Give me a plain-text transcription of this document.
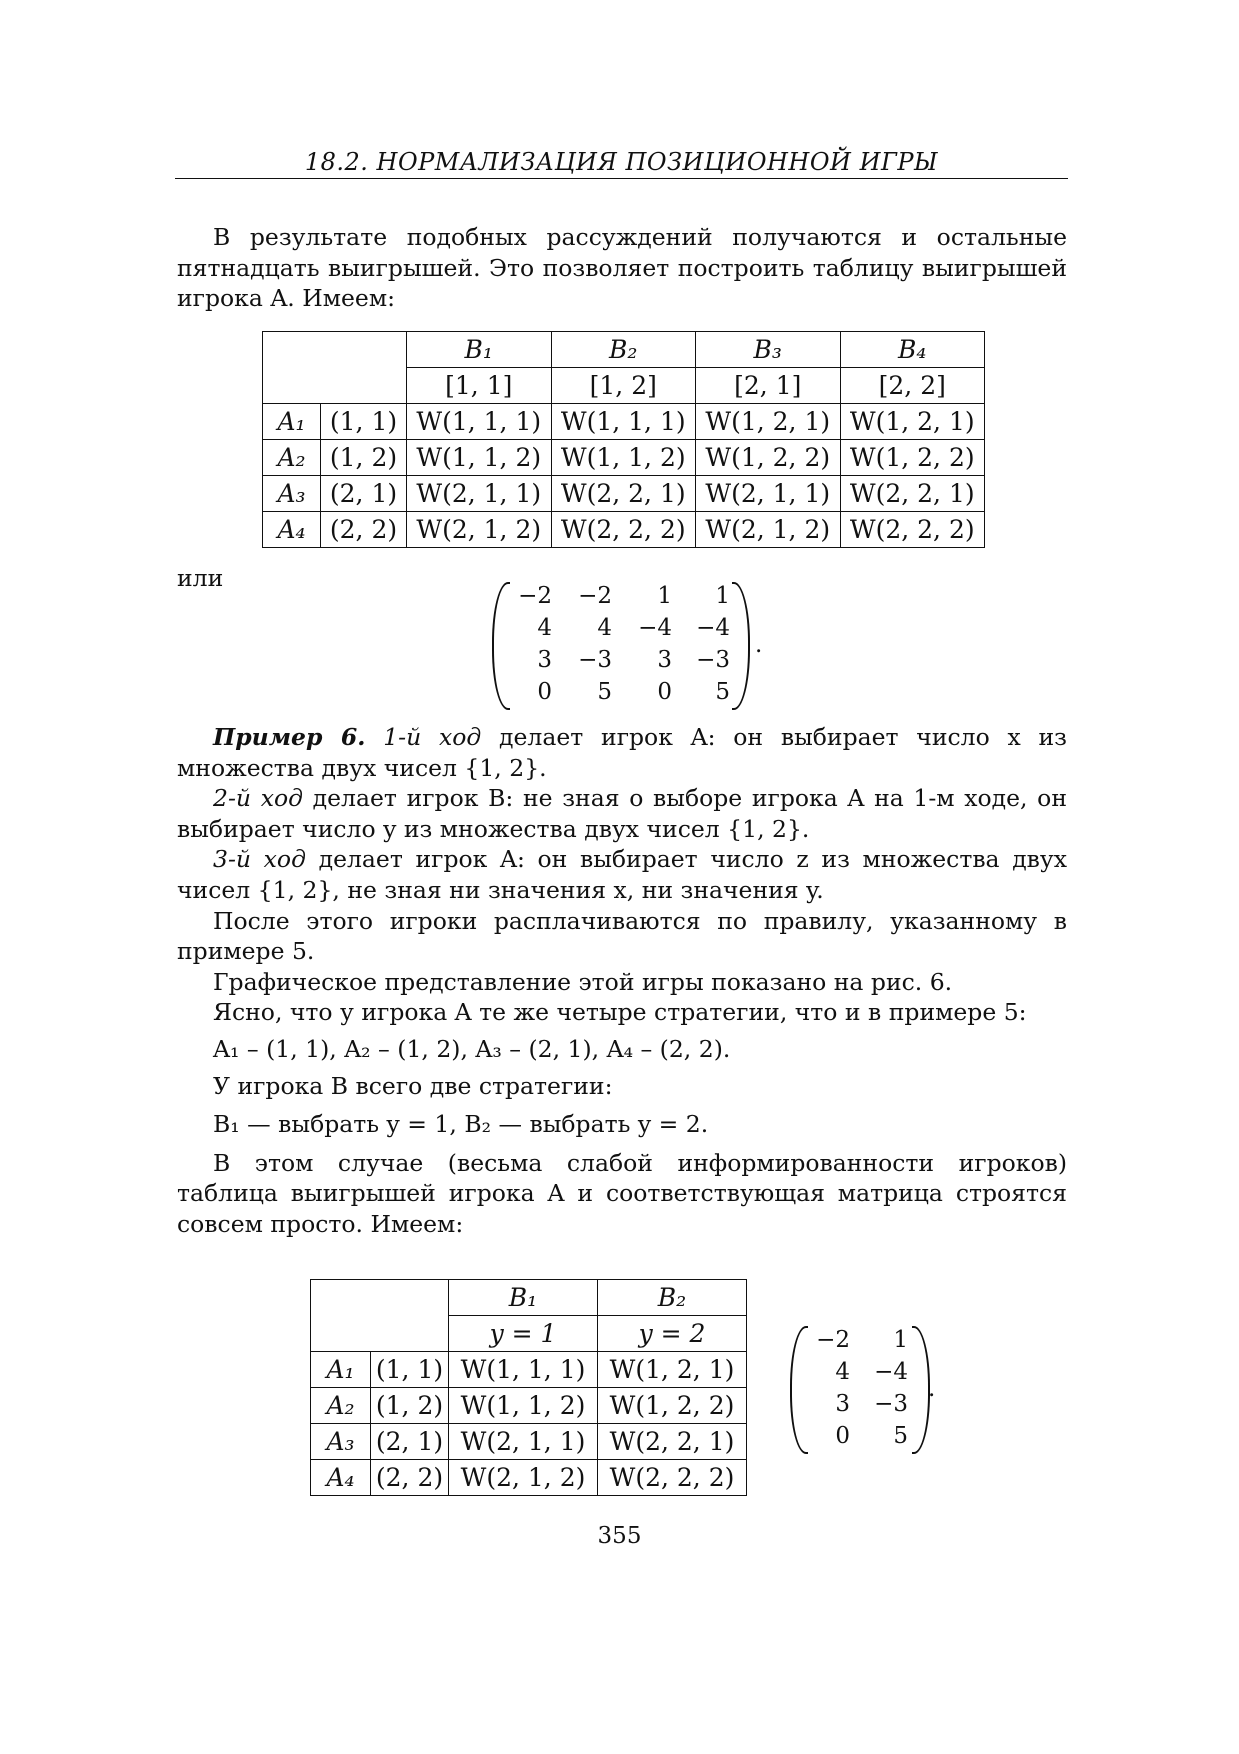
18.2. НОРМАЛИЗАЦИЯ ПОЗИЦИОННОЙ ИГРЫ

В результате подобных рассуждений получаются и остальные пятнадцать выигрышей. Это позволяет построить таблицу выигрышей игрока A. Имеем:

		B₁	B₂	B₃	B₄
		[1, 1]	[1, 2]	[2, 1]	[2, 2]
A₁	(1, 1)	W(1, 1, 1)	W(1, 1, 1)	W(1, 2, 1)	W(1, 2, 1)
A₂	(1, 2)	W(1, 1, 2)	W(1, 1, 2)	W(1, 2, 2)	W(1, 2, 2)
A₃	(2, 1)	W(2, 1, 1)	W(2, 2, 1)	W(2, 1, 1)	W(2, 2, 1)
A₄	(2, 2)	W(2, 1, 2)	W(2, 2, 2)	W(2, 1, 2)	W(2, 2, 2)
или
−2	−2	1	1
4	4	−4	−4
3	−3	3	−3
0	5	0	5
.

Пример 6. 1-й ход делает игрок A: он выбирает число x из множества двух чисел {1, 2}.

2-й ход делает игрок B: не зная о выборе игрока A на 1-м ходе, он выбирает число y из множества двух чисел {1, 2}.

3-й ход делает игрок A: он выбирает число z из множества двух чисел {1, 2}, не зная ни значения x, ни значения y.

После этого игроки расплачиваются по правилу, указанному в примере 5.

Графическое представление этой игры показано на рис. 6.

Ясно, что у игрока A те же четыре стратегии, что и в примере 5:

A₁ – (1, 1), A₂ – (1, 2), A₃ – (2, 1), A₄ – (2, 2).

У игрока B всего две стратегии:

B₁ — выбрать y = 1, B₂ — выбрать y = 2.

В этом случае (весьма слабой информированности игроков) таблица выигрышей игрока A и соответствующая матрица строятся совсем просто. Имеем:

		B₁	B₂
		y = 1	y = 2
A₁	(1, 1)	W(1, 1, 1)	W(1, 2, 1)
A₂	(1, 2)	W(1, 1, 2)	W(1, 2, 2)
A₃	(2, 1)	W(2, 1, 1)	W(2, 2, 1)
A₄	(2, 2)	W(2, 1, 2)	W(2, 2, 2)
−2	1
4	−4
3	−3
0	5
.
355
